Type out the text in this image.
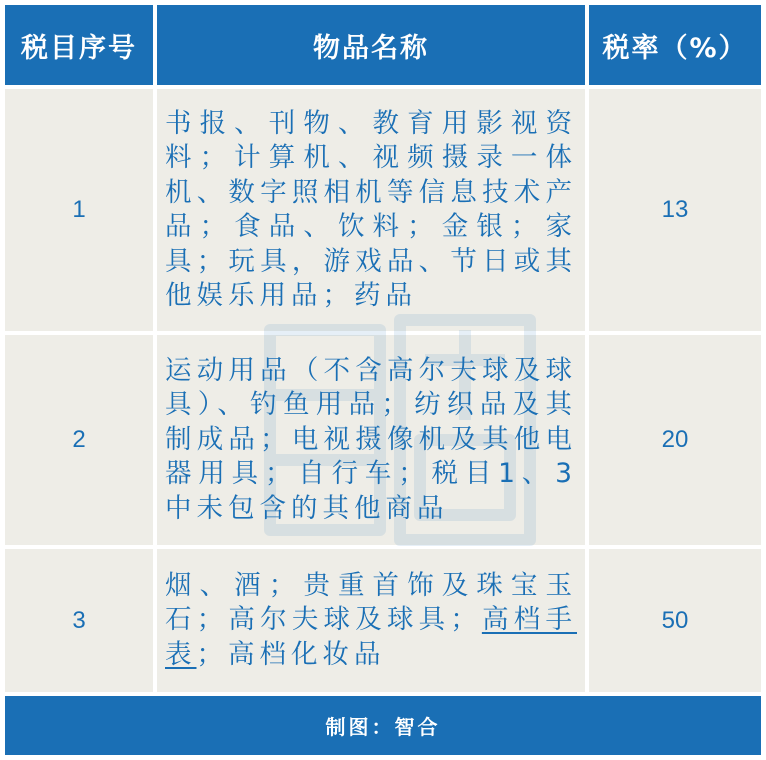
税目序号	物品名称	税率（%）
1
书报、刊物、教育用影视资料；计算机、视频摄录一体机、数字照相机等信息技术产品；食品、饮料；金银；家具；玩具，游戏品、节日或其他娱乐用品；药品
13
2
运动用品（不含高尔夫球及球具）、钓鱼用品；纺织品及其制成品；电视摄像机及其他电器用具；自行车；税目1、3中未包含的其他商品
20
3
烟、酒；贵重首饰及珠宝玉石；高尔夫球及球具；高档手表；高档化妆品
50
制图：智合
